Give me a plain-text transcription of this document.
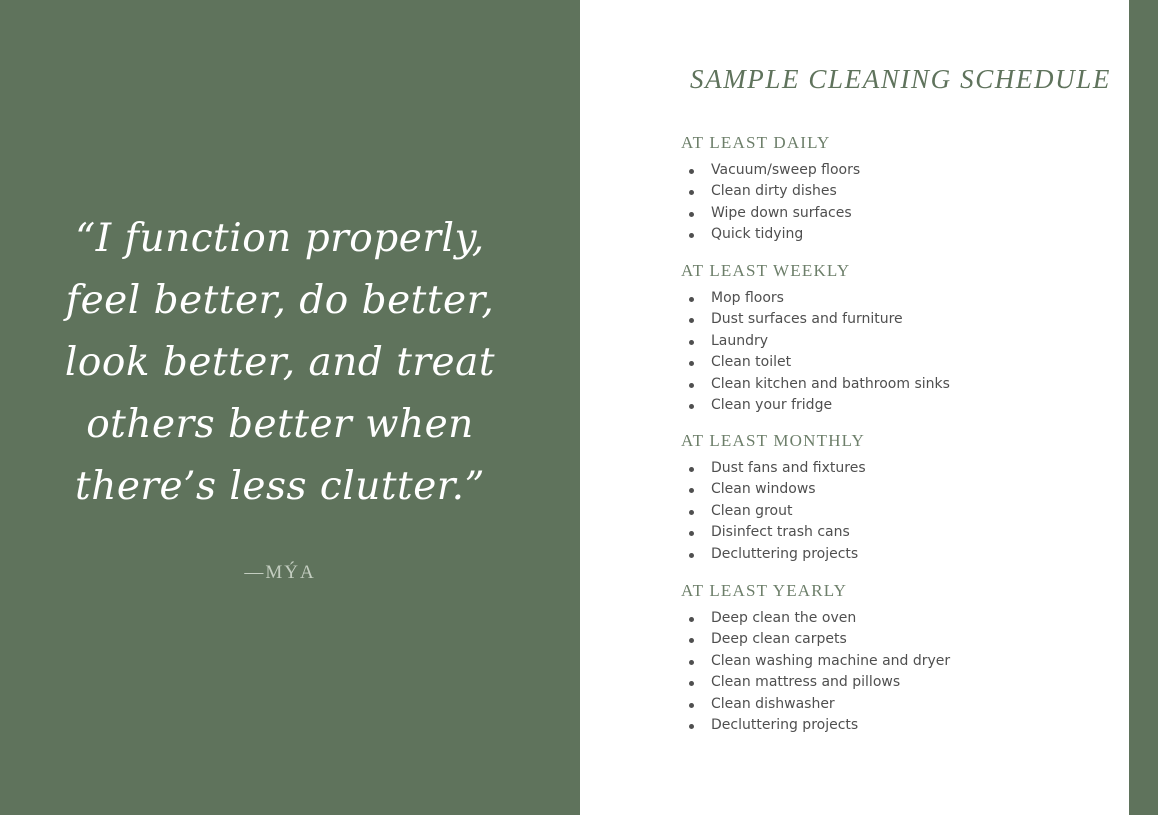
“I function properly,
feel better, do better,
look better, and treat
others better when
there’s less clutter.”
—MÝA
SAMPLE CLEANING SCHEDULE
AT LEAST DAILY
Vacuum/sweep floors
Clean dirty dishes
Wipe down surfaces
Quick tidying
AT LEAST WEEKLY
Mop floors
Dust surfaces and furniture
Laundry
Clean toilet
Clean kitchen and bathroom sinks
Clean your fridge
AT LEAST MONTHLY
Dust fans and fixtures
Clean windows
Clean grout
Disinfect trash cans
Decluttering projects
AT LEAST YEARLY
Deep clean the oven
Deep clean carpets
Clean washing machine and dryer
Clean mattress and pillows
Clean dishwasher
Decluttering projects
